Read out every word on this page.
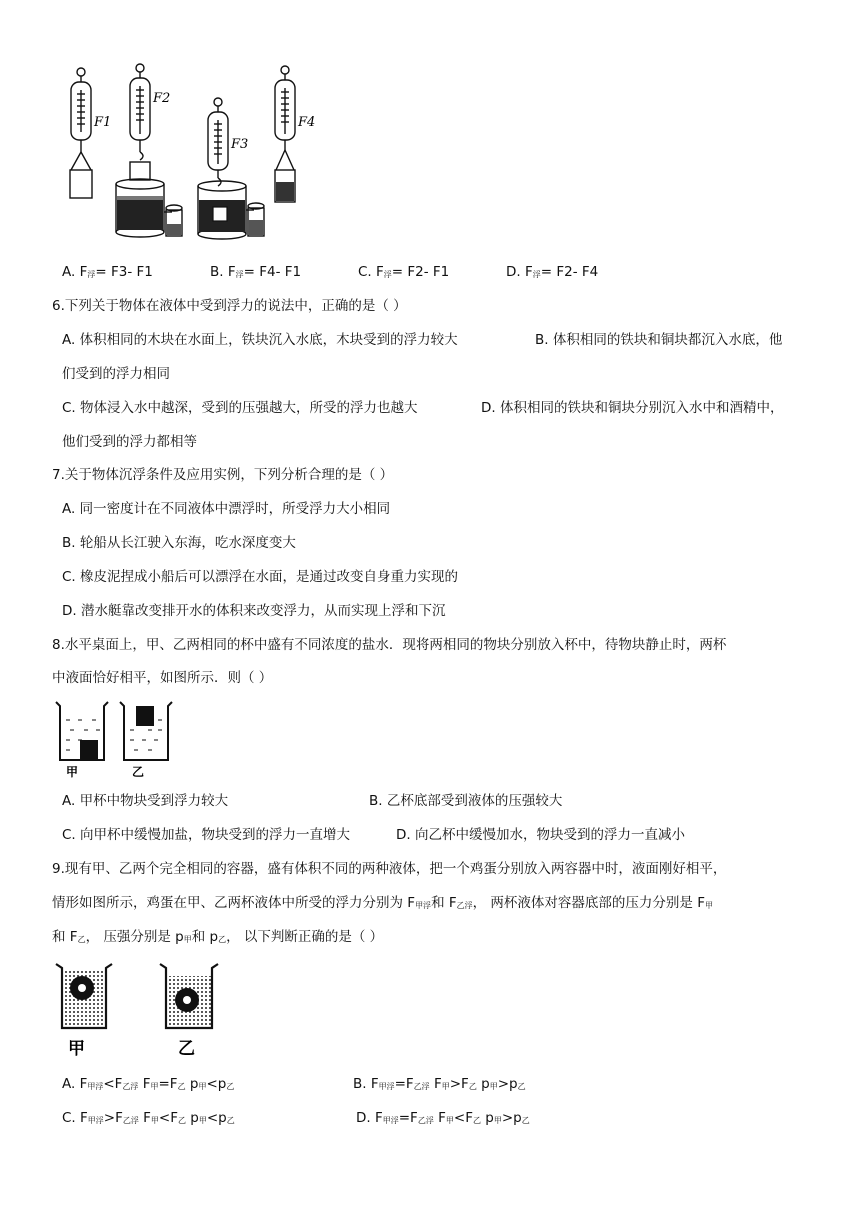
F1
F2
F3
F4
A. $F_浮= F3-$ F1	B. $F_浮= F4-$ F1	C. $F_浮= F2-$ F1	D. $F_浮= F2-$ F4
6.下列关于物体在液体中受到浮力的说法中，正确的是（ ）
A. 体积相同的木块在水面上，铁块沉入水底，木块受到的浮力较大	B. 体积相同的铁块和铜块都沉入水底，他
们受到的浮力相同
C. 物体浸入水中越深，受到的压强越大，所受的浮力也越大	D. 体积相同的铁块和铜块分别沉入水中和酒精中，
他们受到的浮力都相等
7.关于物体沉浮条件及应用实例，下列分析合理的是（ ）
A. 同一密度计在不同液体中漂浮时，所受浮力大小相同
B. 轮船从长江驶入东海，吃水深度变大
C. 橡皮泥捏成小船后可以漂浮在水面，是通过改变自身重力实现的
D. 潜水艇靠改变排开水的体积来改变浮力，从而实现上浮和下沉
8.水平桌面上，甲、乙两相同的杯中盛有不同浓度的盐水．现将两相同的物块分别放入杯中，待物块静止时，两杯
中液面恰好相平，如图所示．则（ ）
甲	乙
A. 甲杯中物块受到浮力较大	B. 乙杯底部受到液体的压强较大
C. 向甲杯中缓慢加盐，物块受到的浮力一直增大	D. 向乙杯中缓慢加水，物块受到的浮力一直减小
9.现有甲、乙两个完全相同的容器，盛有体积不同的两种液体，把一个鸡蛋分别放入两容器中时，液面刚好相平，
情形如图所示，鸡蛋在甲、乙两杯液体中所受的浮力分别为 $F_{甲浮}$和 $F_{乙浮}$， 两杯液体对容器底部的压力分别是 $F_甲$
和 $F_乙$， 压强分别是 $p_甲$和 $p_乙$， 以下判断正确的是（ ）
甲	乙
A. $F_{甲浮}<F_{乙浮}$ $F_甲=F_乙$ $p_甲<p_乙$	B. $F_{甲浮}=F_{乙浮}$ $F_甲>F_乙$ $p_甲>p_乙$
C. $F_{甲浮}>F_{乙浮}$ $F_甲<F_乙$ $p_甲<p_乙$	D. $F_{甲浮}=F_{乙浮}$ $F_甲<F_乙$ $p_甲>p_乙$
